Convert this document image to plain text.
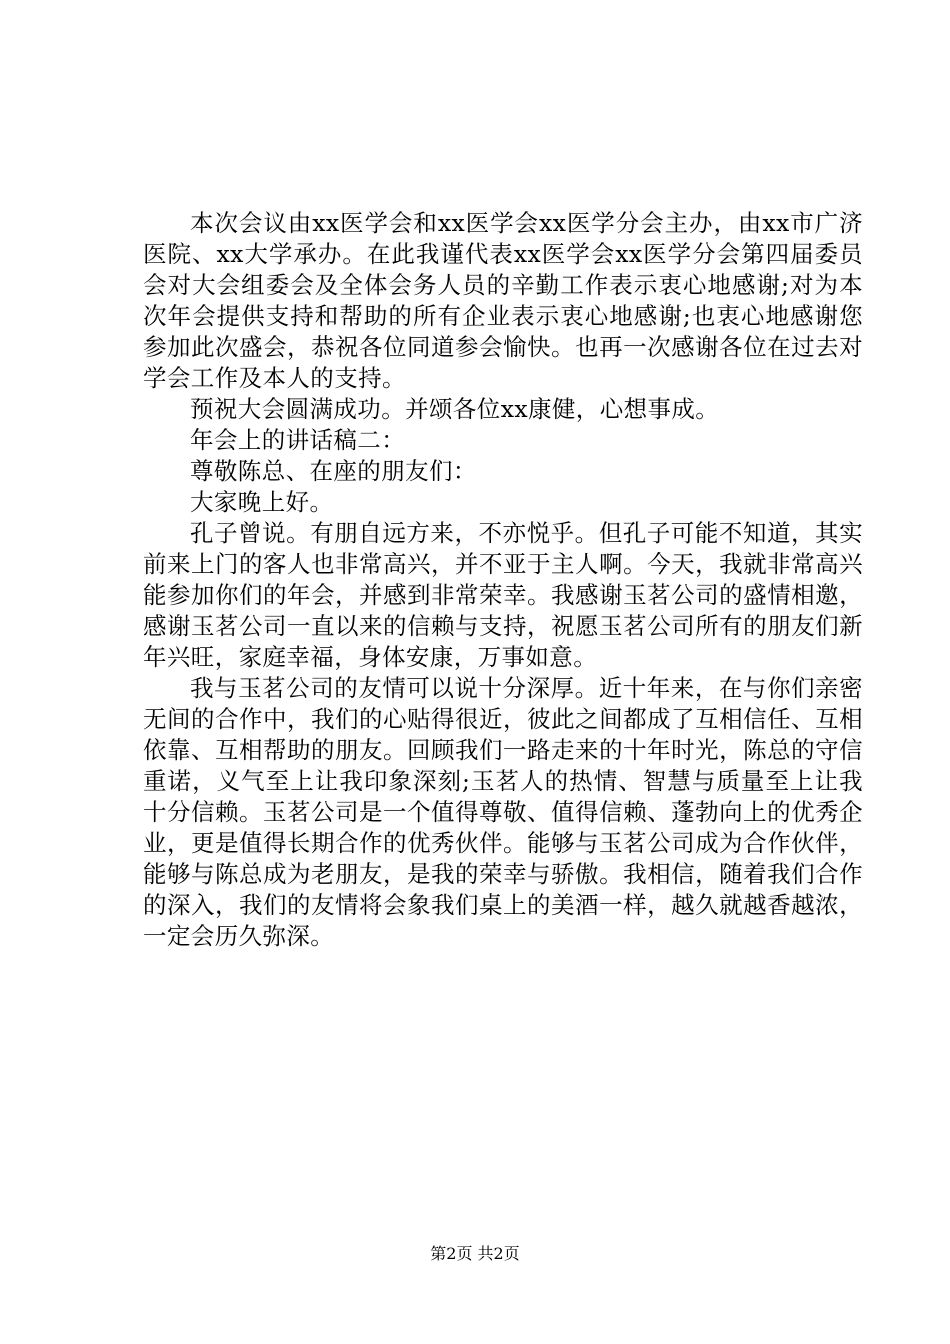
本次会议由xx医学会和xx医学会xx医学分会主办，由xx市广济医院、xx大学承办。在此我谨代表xx医学会xx医学分会第四届委员会对大会组委会及全体会务人员的辛勤工作表示衷心地感谢;对为本次年会提供支持和帮助的所有企业表示衷心地感谢;也衷心地感谢您参加此次盛会，恭祝各位同道参会愉快。也再一次感谢各位在过去对学会工作及本人的支持。

预祝大会圆满成功。并颂各位xx康健，心想事成。

年会上的讲话稿二：

尊敬陈总、在座的朋友们：

大家晚上好。

孔子曾说。有朋自远方来，不亦悦乎。但孔子可能不知道，其实前来上门的客人也非常高兴，并不亚于主人啊。今天，我就非常高兴能参加你们的年会，并感到非常荣幸。我感谢玉茗公司的盛情相邀，感谢玉茗公司一直以来的信赖与支持，祝愿玉茗公司所有的朋友们新年兴旺，家庭幸福，身体安康，万事如意。

我与玉茗公司的友情可以说十分深厚。近十年来，在与你们亲密无间的合作中，我们的心贴得很近，彼此之间都成了互相信任、互相依靠、互相帮助的朋友。回顾我们一路走来的十年时光，陈总的守信重诺，义气至上让我印象深刻;玉茗人的热情、智慧与质量至上让我十分信赖。玉茗公司是一个值得尊敬、值得信赖、蓬勃向上的优秀企业，更是值得长期合作的优秀伙伴。能够与玉茗公司成为合作伙伴，能够与陈总成为老朋友，是我的荣幸与骄傲。我相信，随着我们合作的深入，我们的友情将会象我们桌上的美酒一样，越久就越香越浓，一定会历久弥深。

第2页 共2页
